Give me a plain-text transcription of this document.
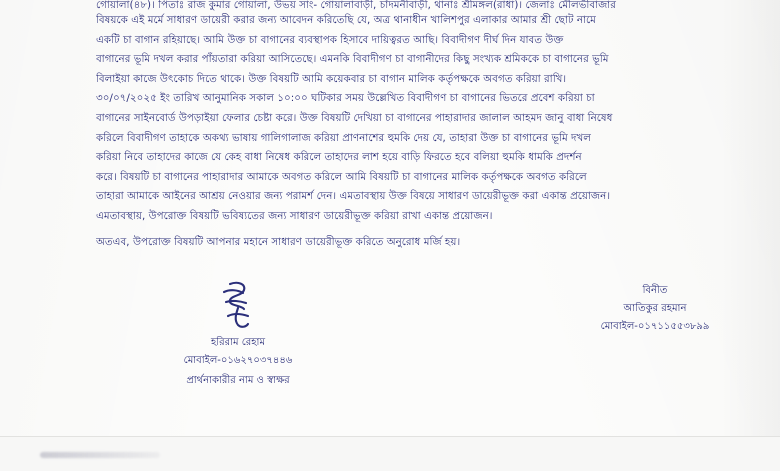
গোয়ালা(৪৮)। পিতাঃ রাজ কুমার গোয়ালা, উভয় সাং- গোয়ালাবাড়ী, চাঁদমনীবাড়ী, থানাঃ শ্রীমঙ্গল(রাধা)। জেলাঃ মৌলভীবাজার
বিষয়কে এই মর্মে সাধারণ ডায়েরী করার জন্য আবেদন করিতেছি যে, অত্র থানাধীন খালিশপুর এলাকার আমার শ্রী ছোট নামে
একটি চা বাগান রহিয়াছে। আমি উক্ত চা বাগানের ব্যবস্থাপক হিসাবে দায়িত্বরত আছি। বিবাদীগণ দীর্ঘ দিন যাবত উক্ত
বাগানের ভূমি দখল করার পাঁয়তারা করিয়া আসিতেছে। এমনকি বিবাদীগণ চা বাগানীদের কিছু সংখ্যক শ্রমিককে চা বাগানের ভূমি
বিলাইয়া কাজে উৎকোচ দিতে থাকে। উক্ত বিষয়টি আমি কয়েকবার চা বাগান মালিক কর্তৃপক্ষকে অবগত করিয়া রাখি।
৩০/০৭/২০২৫ ইং তারিখ আনুমানিক সকাল ১০:০০ ঘটিকার সময় উল্লেখিত বিবাদীগণ চা বাগানের ভিতরে প্রবেশ করিয়া চা
বাগানের সাইনবোর্ড উপড়াইয়া ফেলার চেষ্টা করে। উক্ত বিষয়টি দেখিয়া চা বাগানের পাহারাদার জালাল আহমদ জানু বাধা নিষেধ
করিলে বিবাদীগণ তাহাকে অকথ্য ভাষায় গালিগালাজ করিয়া প্রাণনাশের হুমকি দেয় যে, তাহারা উক্ত চা বাগানের ভূমি দখল
করিয়া নিবে তাহাদের কাজে যে কেহ বাধা নিষেধ করিলে তাহাদের লাশ হয়ে বাড়ি ফিরতে হবে বলিয়া হুমকি ধামকি প্রদর্শন
করে। বিষয়টি চা বাগানের পাহারাদার আমাকে অবগত করিলে আমি বিষয়টি চা বাগানের মালিক কর্তৃপক্ষকে অবগত করিলে
তাহারা আমাকে আইনের আশ্রয় নেওয়ার জন্য পরামর্শ দেন। এমতাবস্থায় উক্ত বিষয়ে সাধারণ ডায়েরীভূক্ত করা একান্ত প্রয়োজন।
এমতাবস্থায়, উপরোক্ত বিষয়টি ভবিষ্যতের জন্য সাধারণ ডায়েরীভূক্ত করিয়া রাখা একান্ত প্রয়োজন।
অতএব, উপরোক্ত বিষয়টি আপনার মহানে সাধারণ ডায়েরীভূক্ত করিতে অনুরোধ মর্জি হয়।
হরিরাম রেহাম
মোবাইল-০১৬২৭০৩৭৪৪৬
প্রার্থনাকারীর নাম ও স্বাক্ষর
বিনীত
আতিকুর রহমান
মোবাইল-০১৭১১৫৫৩৮৯৯
